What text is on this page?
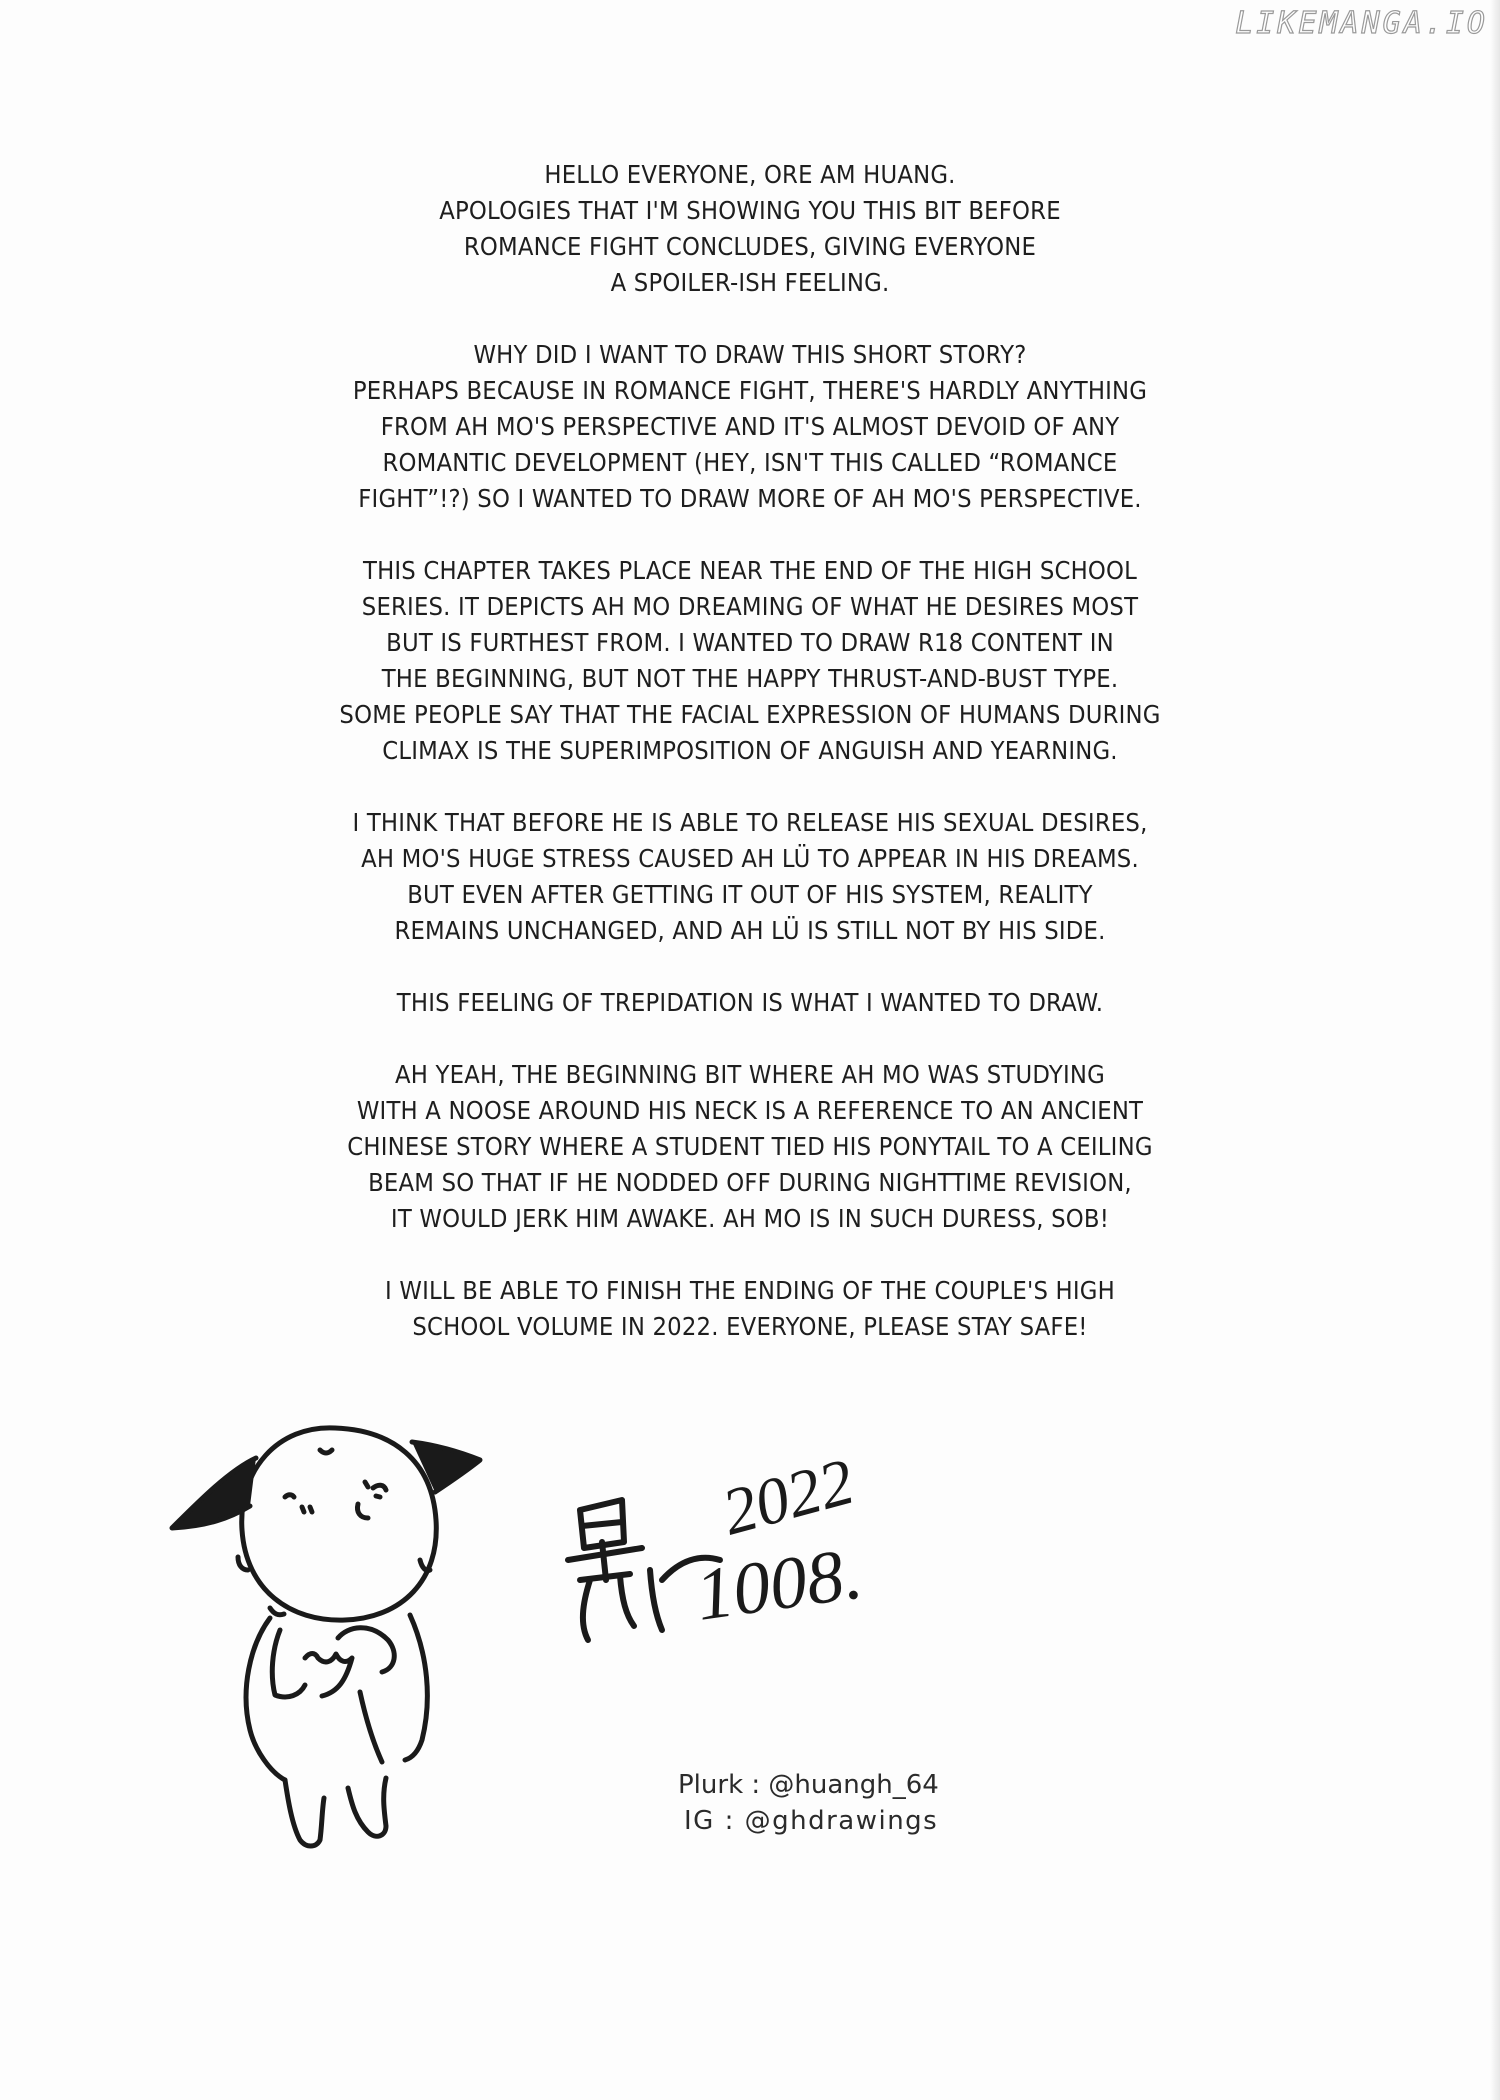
LIKEMANGA.IO
HELLO EVERYONE, ORE AM HUANG.
APOLOGIES THAT I'M SHOWING YOU THIS BIT BEFORE
ROMANCE FIGHT CONCLUDES, GIVING EVERYONE
A SPOILER-ISH FEELING.
WHY DID I WANT TO DRAW THIS SHORT STORY?
PERHAPS BECAUSE IN ROMANCE FIGHT, THERE'S HARDLY ANYTHING
FROM AH MO'S PERSPECTIVE AND IT'S ALMOST DEVOID OF ANY
ROMANTIC DEVELOPMENT (HEY, ISN'T THIS CALLED “ROMANCE
FIGHT”!?) SO I WANTED TO DRAW MORE OF AH MO'S PERSPECTIVE.
THIS CHAPTER TAKES PLACE NEAR THE END OF THE HIGH SCHOOL
SERIES. IT DEPICTS AH MO DREAMING OF WHAT HE DESIRES MOST
BUT IS FURTHEST FROM. I WANTED TO DRAW R18 CONTENT IN
THE BEGINNING, BUT NOT THE HAPPY THRUST-AND-BUST TYPE.
SOME PEOPLE SAY THAT THE FACIAL EXPRESSION OF HUMANS DURING
CLIMAX IS THE SUPERIMPOSITION OF ANGUISH AND YEARNING.
I THINK THAT BEFORE HE IS ABLE TO RELEASE HIS SEXUAL DESIRES,
AH MO'S HUGE STRESS CAUSED AH LÜ TO APPEAR IN HIS DREAMS.
BUT EVEN AFTER GETTING IT OUT OF HIS SYSTEM, REALITY
REMAINS UNCHANGED, AND AH LÜ IS STILL NOT BY HIS SIDE.
THIS FEELING OF TREPIDATION IS WHAT I WANTED TO DRAW.
AH YEAH, THE BEGINNING BIT WHERE AH MO WAS STUDYING
WITH A NOOSE AROUND HIS NECK IS A REFERENCE TO AN ANCIENT
CHINESE STORY WHERE A STUDENT TIED HIS PONYTAIL TO A CEILING
BEAM SO THAT IF HE NODDED OFF DURING NIGHTTIME REVISION,
IT WOULD JERK HIM AWAKE. AH MO IS IN SUCH DURESS, SOB!
I WILL BE ABLE TO FINISH THE ENDING OF THE COUPLE'S HIGH
SCHOOL VOLUME IN 2022. EVERYONE, PLEASE STAY SAFE!
2022
1008.
Plurk : @huangh_64
IG : @ghdrawings
